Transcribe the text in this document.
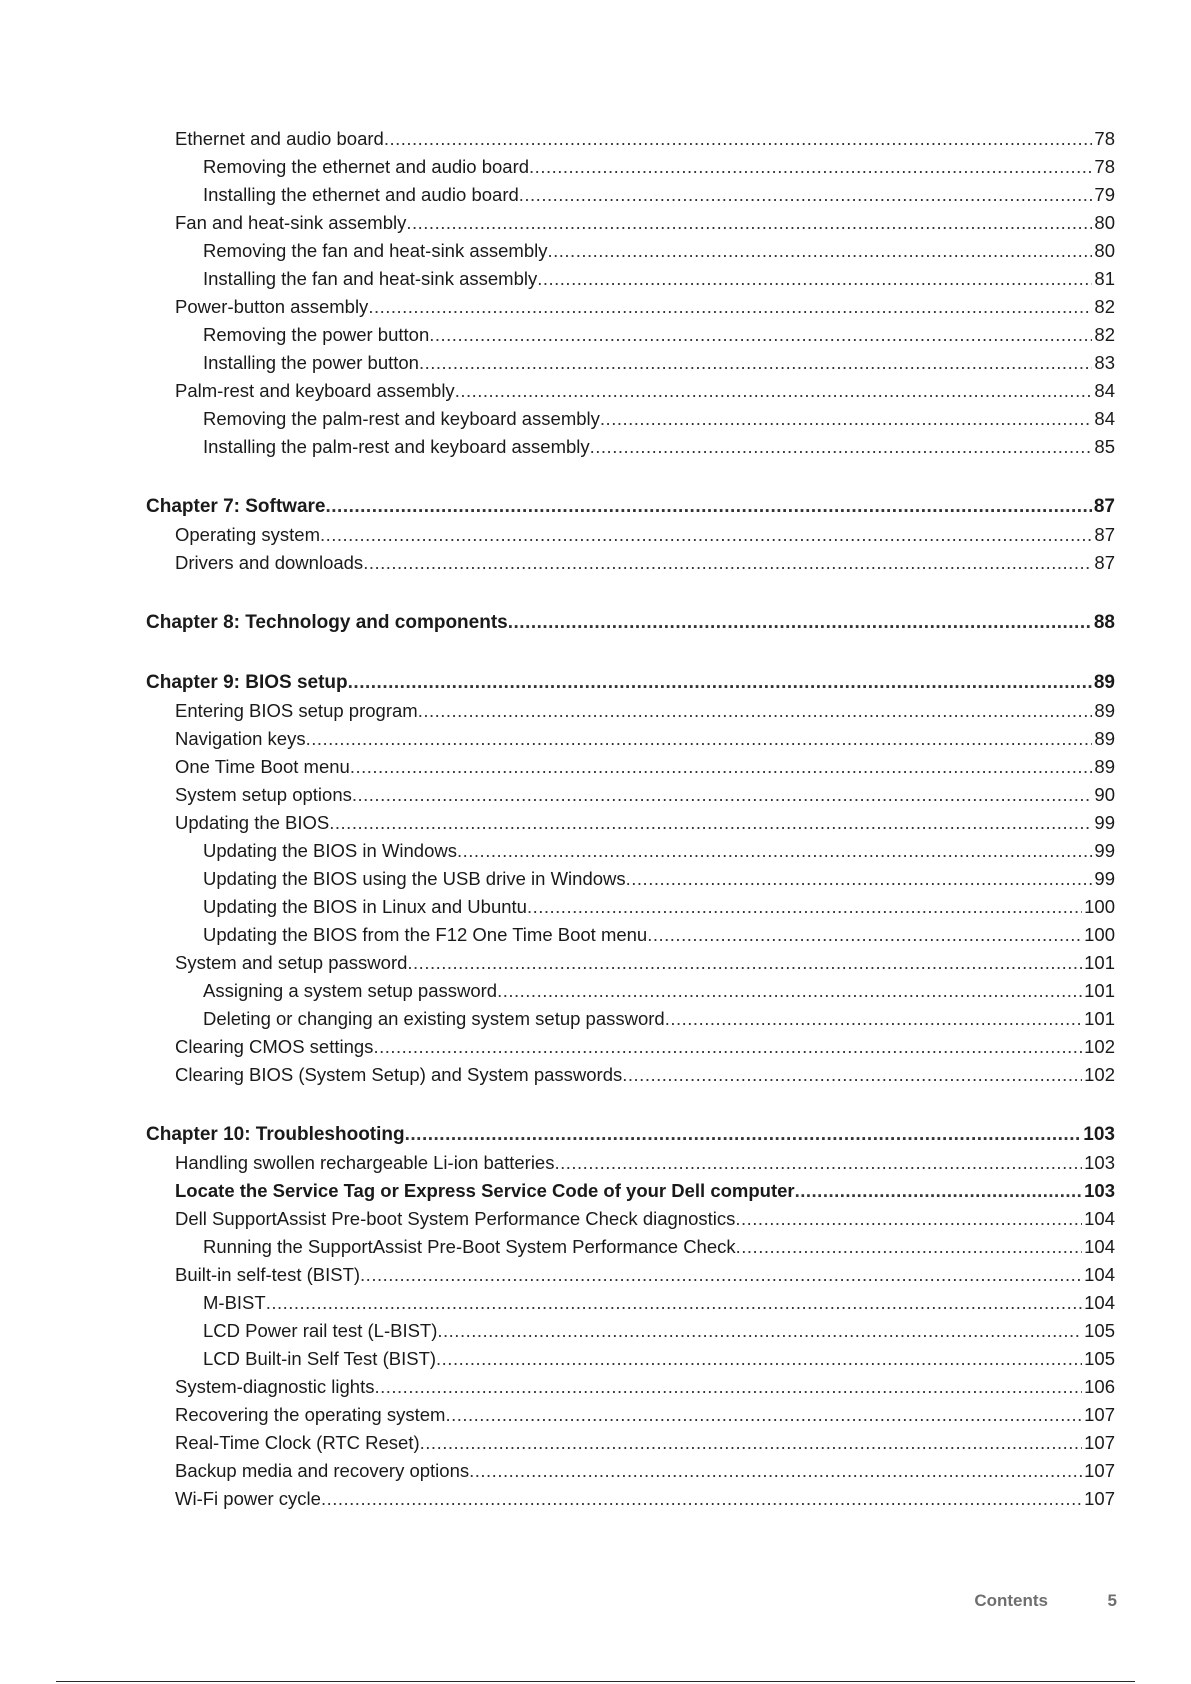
Ethernet and audio board .....	78
Removing the ethernet and audio board .....	78
Installing the ethernet and audio board .....	79
Fan and heat-sink assembly .....	80
Removing the fan and heat-sink assembly .....	80
Installing the fan and heat-sink assembly .....	81
Power-button assembly .....	82
Removing the power button .....	82
Installing the power button .....	83
Palm-rest and keyboard assembly .....	84
Removing the palm-rest and keyboard assembly .....	84
Installing the palm-rest and keyboard assembly .....	85
Chapter 7: Software .....	87
Operating system .....	87
Drivers and downloads .....	87
Chapter 8: Technology and components .....	88
Chapter 9: BIOS setup .....	89
Entering BIOS setup program .....	89
Navigation keys .....	89
One Time Boot menu .....	89
System setup options .....	90
Updating the BIOS .....	99
Updating the BIOS in Windows .....	99
Updating the BIOS using the USB drive in Windows .....	99
Updating the BIOS in Linux and Ubuntu .....	100
Updating the BIOS from the F12 One Time Boot menu .....	100
System and setup password .....	101
Assigning a system setup password .....	101
Deleting or changing an existing system setup password .....	101
Clearing CMOS settings .....	102
Clearing BIOS (System Setup) and System passwords .....	102
Chapter 10: Troubleshooting .....	103
Handling swollen rechargeable Li-ion batteries .....	103
Locate the Service Tag or Express Service Code of your Dell computer .....	103
Dell SupportAssist Pre-boot System Performance Check diagnostics .....	104
Running the SupportAssist Pre-Boot System Performance Check .....	104
Built-in self-test (BIST) .....	104
M-BIST .....	104
LCD Power rail test (L-BIST) .....	105
LCD Built-in Self Test (BIST) .....	105
System-diagnostic lights .....	106
Recovering the operating system .....	107
Real-Time Clock (RTC Reset) .....	107
Backup media and recovery options .....	107
Wi-Fi power cycle .....	107
Contents	5
